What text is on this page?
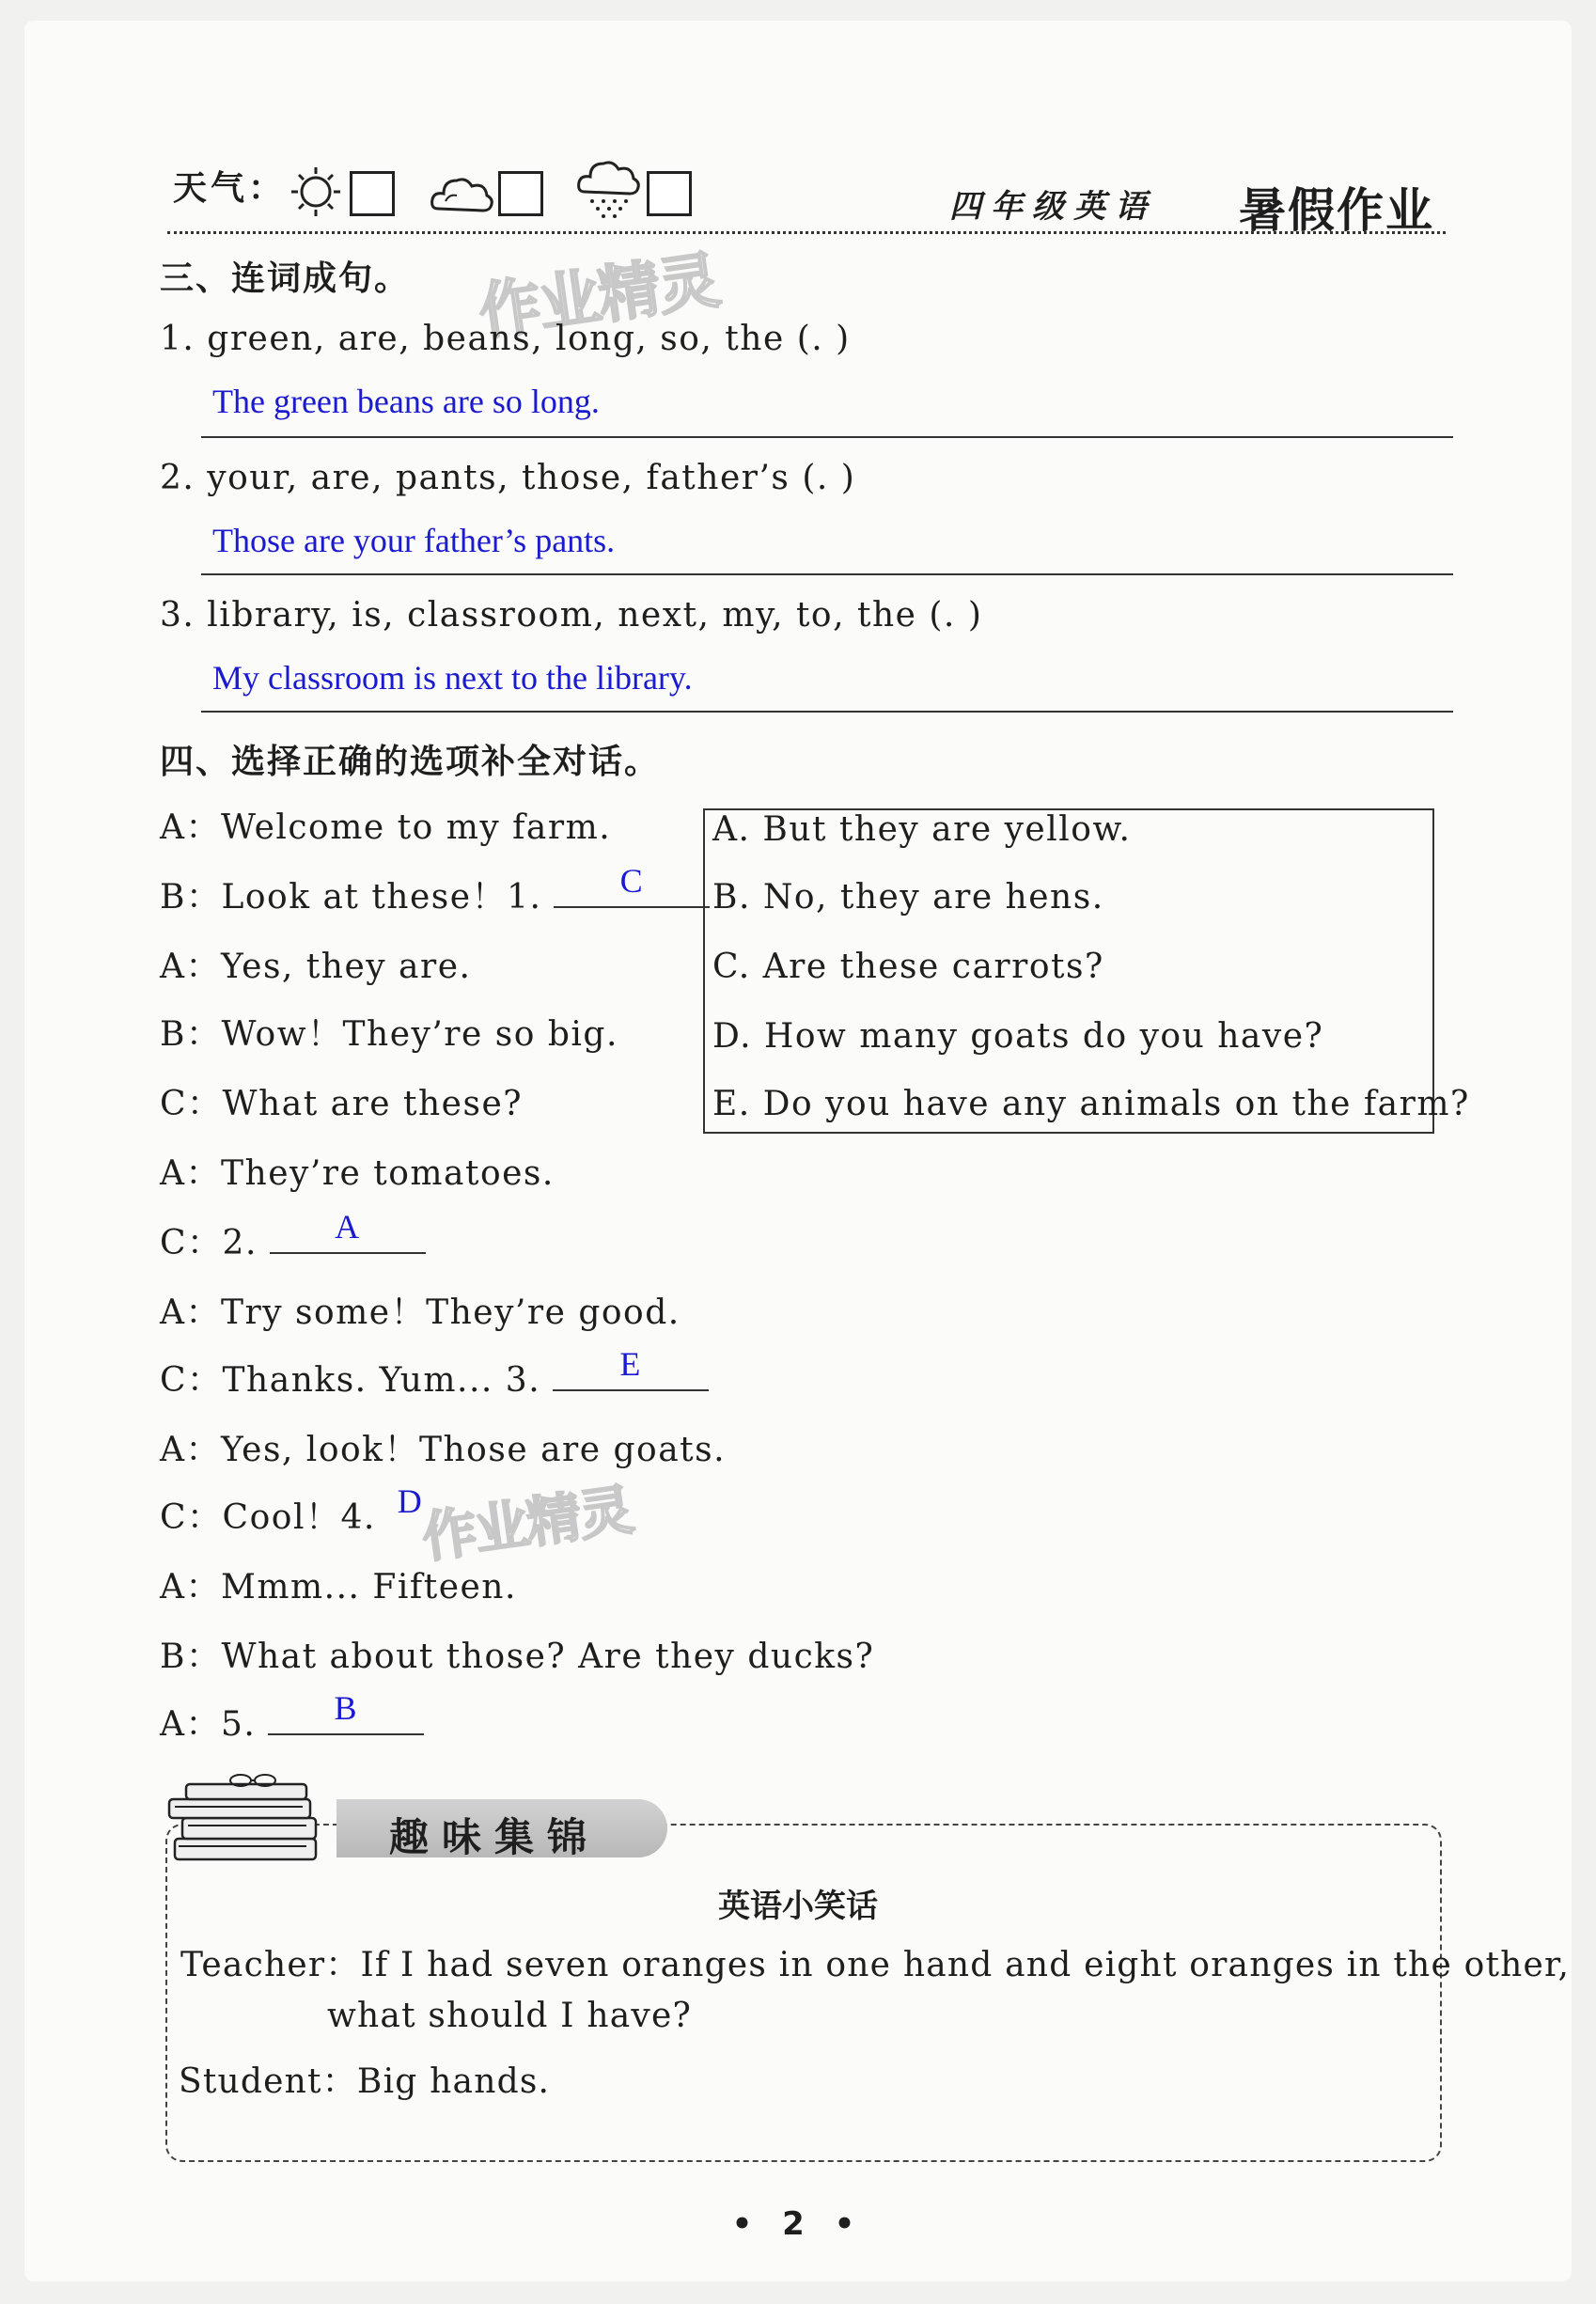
天气：	四年级英语 暑假作业
三、连词成句。 作业精灵
1. green, are, beans, long, so, the (. )
The green beans are so long.
2. your, are, pants, those, father’s (. )
Those are your father’s pants.
3. library, is, classroom, next, my, to, the (. )
My classroom is next to the library.
四、选择正确的选项补全对话。
A：Welcome to my farm.
B：Look at these！1.	C
A：Yes, they are.
B：Wow！They’re so big.
C：What are these?
A：They’re tomatoes.
C：2.	A
A：Try some！They’re good.
C：Thanks. Yum... 3.	E
A：Yes, look！Those are goats.
C：Cool！4. D
作业精灵
A：Mmm... Fifteen.
B：What about those? Are they ducks?
A：5.	B
A. But they are yellow.
B. No, they are hens.
C. Are these carrots?
D. How many goats do you have?
E. Do you have any animals on the farm?
趣味集锦
英语小笑话
Teacher：If I had seven oranges in one hand and eight oranges in the other,
what should I have?
Student：Big hands.
• 2 •
